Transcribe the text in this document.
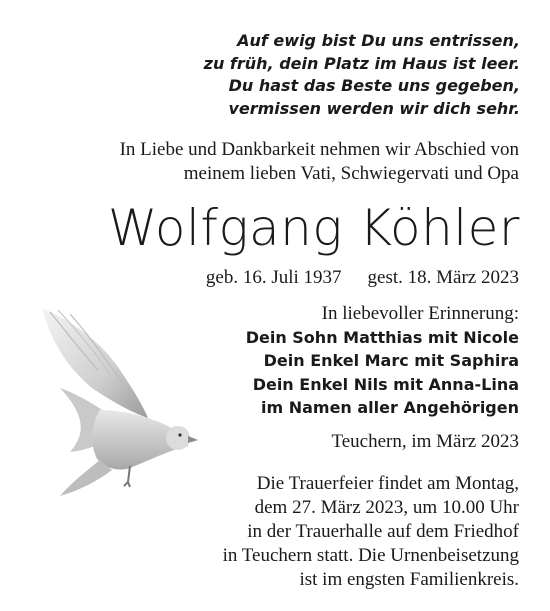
Auf ewig bist Du uns entrissen,
zu früh, dein Platz im Haus ist leer.
Du hast das Beste uns gegeben,
vermissen werden wir dich sehr.
In Liebe und Dankbarkeit nehmen wir Abschied von
meinem lieben Vati, Schwiegervati und Opa
Wolfgang Köhler
geb. 16. Juli 1937 gest. 18. März 2023
In liebevoller Erinnerung:
Dein Sohn Matthias mit Nicole
Dein Enkel Marc mit Saphira
Dein Enkel Nils mit Anna-Lina
im Namen aller Angehörigen
Teuchern, im März 2023
Die Trauerfeier findet am Montag,
dem 27. März 2023, um 10.00 Uhr
in der Trauerhalle auf dem Friedhof
in Teuchern statt. Die Urnenbeisetzung
ist im engsten Familienkreis.
